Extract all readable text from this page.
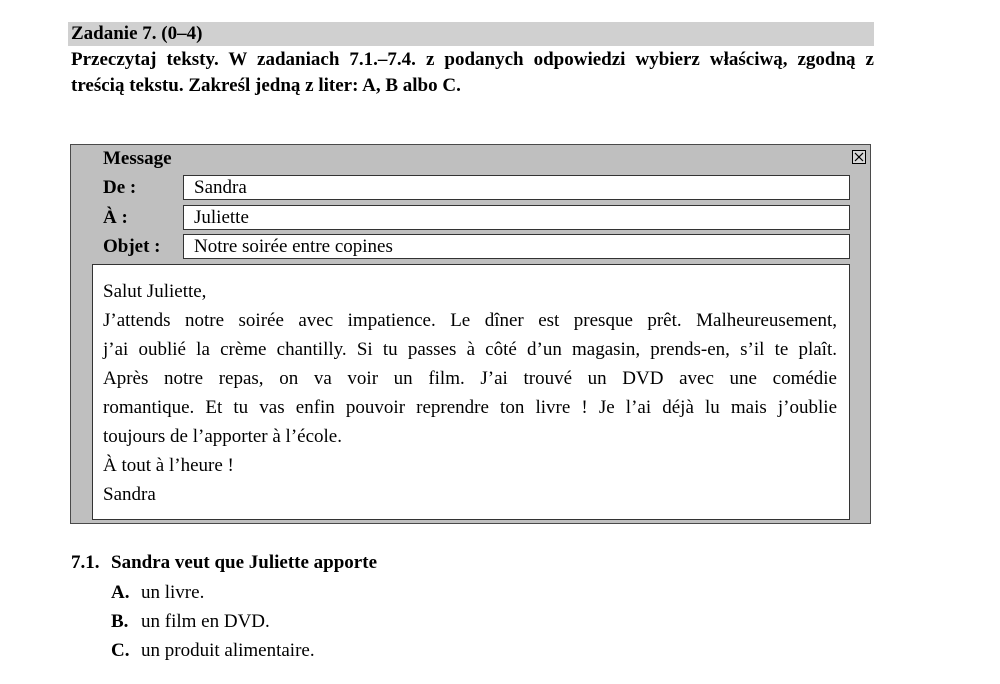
Zadanie 7. (0–4)
Przeczytaj teksty. W zadaniach 7.1.–7.4. z podanych odpowiedzi wybierz właściwą, zgodną z treścią tekstu. Zakreśl jedną z liter: A, B albo C.
Message
De :	Sandra
À :	Juliette
Objet :	Notre soirée entre copines
Salut Juliette,
J’attends notre soirée avec impatience. Le dîner est presque prêt. Malheureusement,
j’ai oublié la crème chantilly. Si tu passes à côté d’un magasin, prends-en, s’il te plaît.
Après notre repas, on va voir un film. J’ai trouvé un DVD avec une comédie
romantique. Et tu vas enfin pouvoir reprendre ton livre ! Je l’ai déjà lu mais j’oublie
toujours de l’apporter à l’école.
À tout à l’heure !
Sandra
7.1. Sandra veut que Juliette apporte
A. un livre.
B. un film en DVD.
C. un produit alimentaire.
